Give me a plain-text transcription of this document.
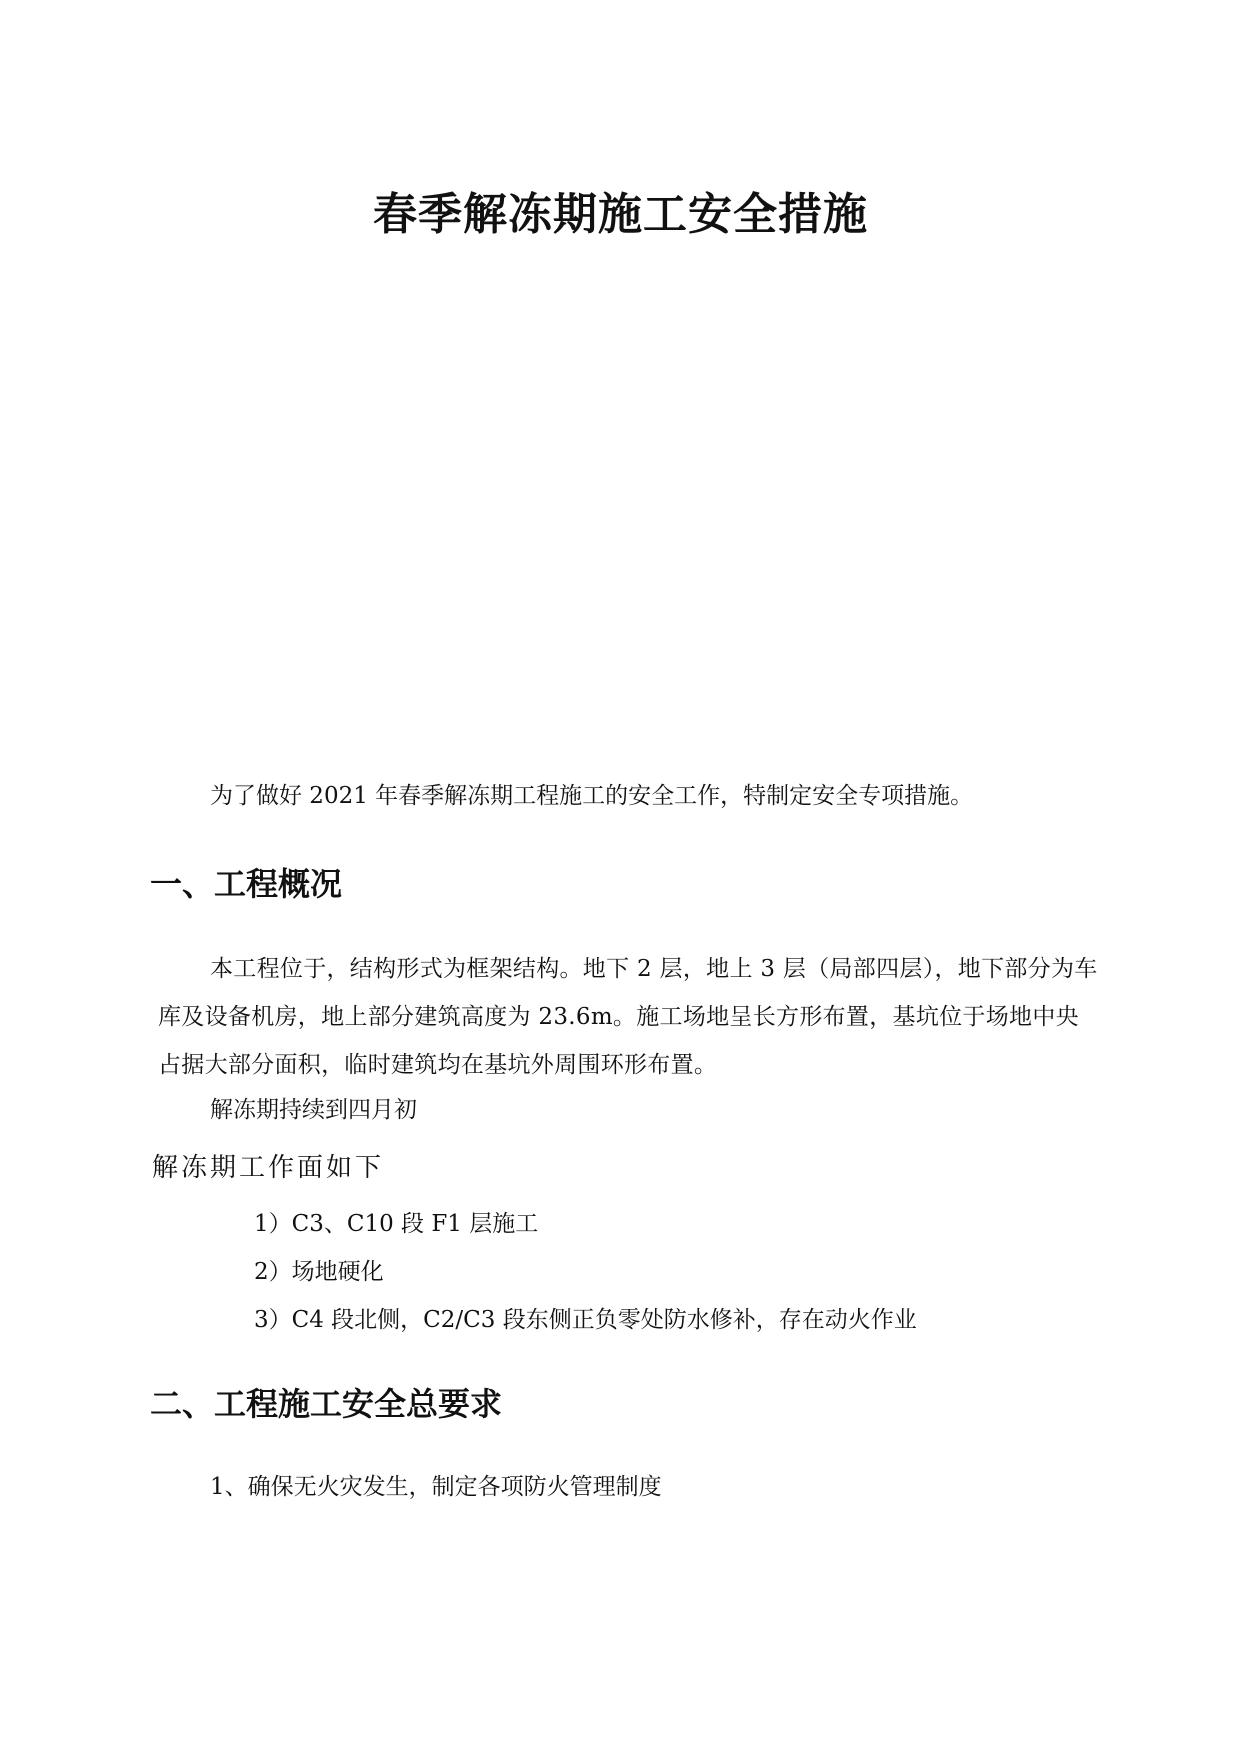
春季解冻期施工安全措施
为了做好 2021 年春季解冻期工程施工的安全工作，特制定安全专项措施。
一、工程概况
本工程位于，结构形式为框架结构。地下 2 层，地上 3 层（局部四层），地下部分为车库及设备机房，地上部分建筑高度为 23.6m。施工场地呈长方形布置，基坑位于场地中央占据大部分面积，临时建筑均在基坑外周围环形布置。
解冻期持续到四月初
解冻期工作面如下
1）C3、C10 段 F1 层施工
2）场地硬化
3）C4 段北侧，C2/C3 段东侧正负零处防水修补，存在动火作业
二、工程施工安全总要求
1、确保无火灾发生，制定各项防火管理制度
